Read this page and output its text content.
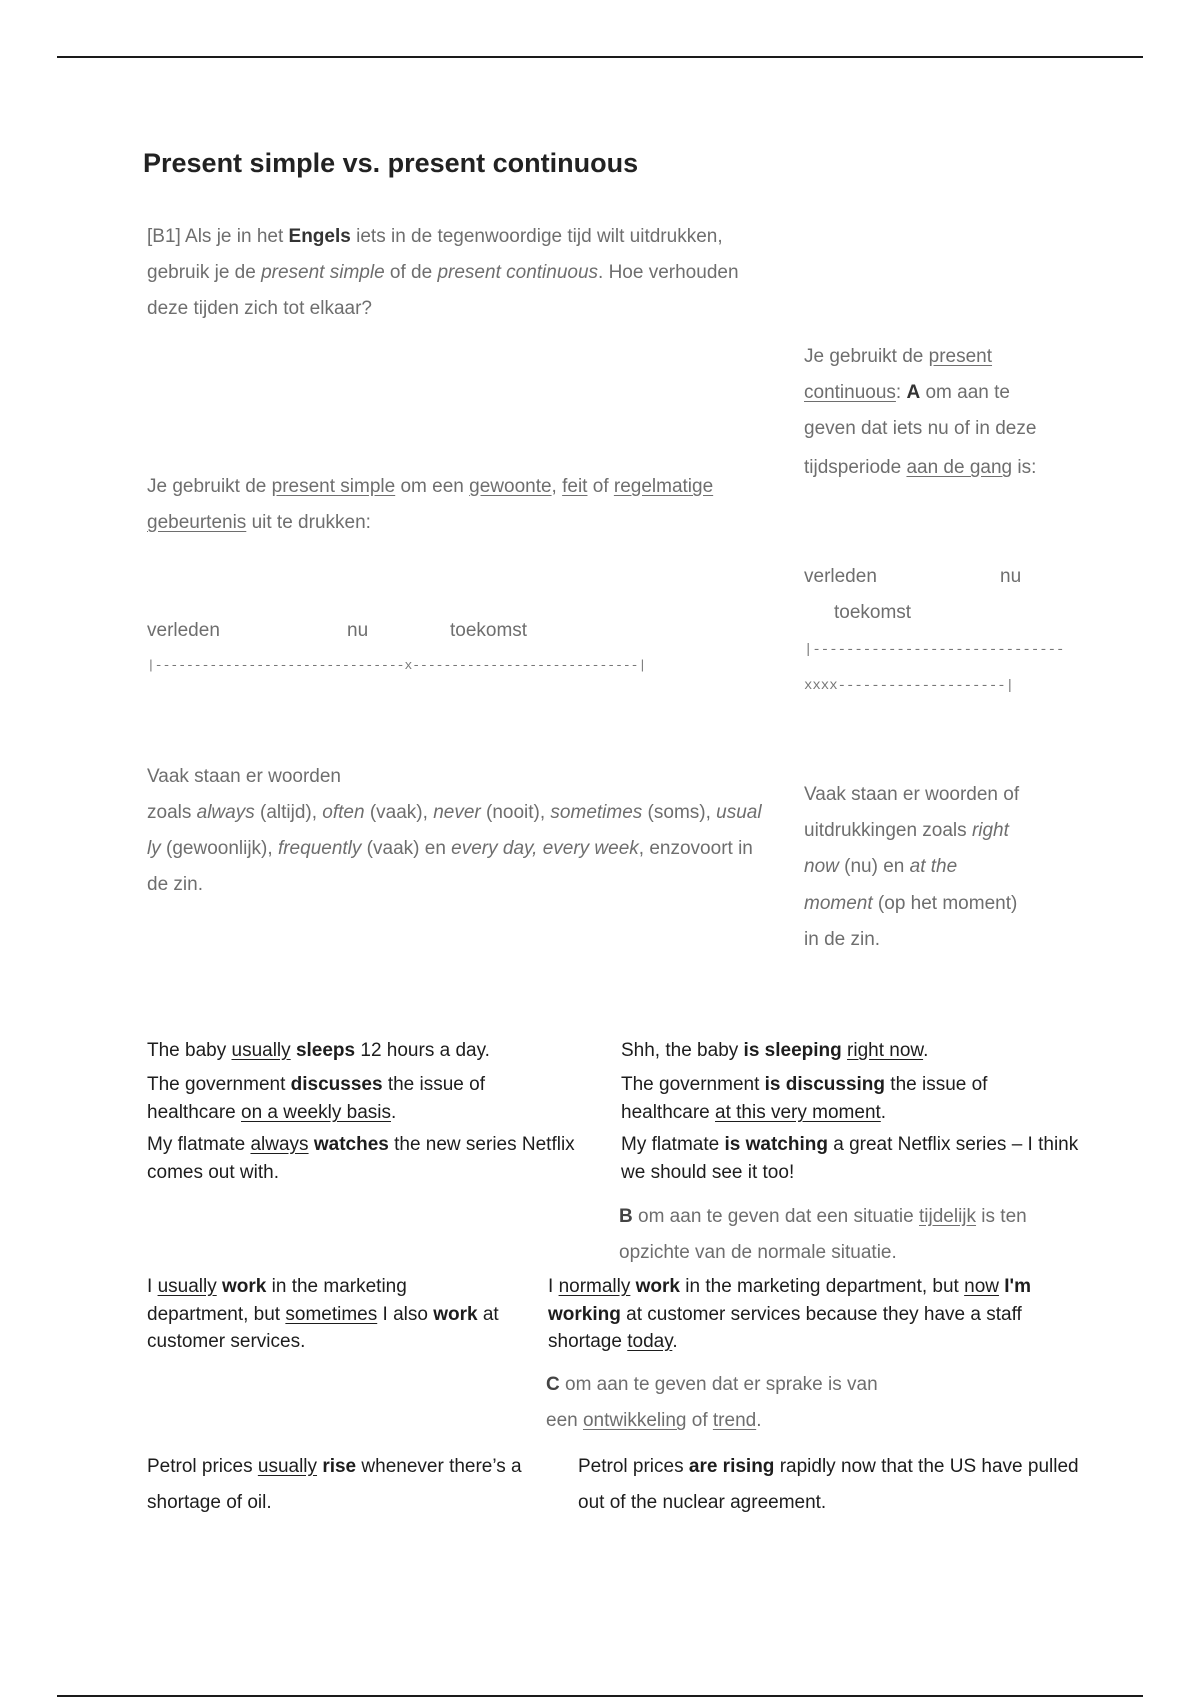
Present simple vs. present continuous
[B1] Als je in het Engels iets in de tegenwoordige tijd wilt uitdrukken,
gebruik je de present simple of de present continuous. Hoe verhouden
deze tijden zich tot elkaar?
Je gebruikt de present
continuous: A om aan te
geven dat iets nu of in deze
tijdsperiode aan de gang is:
Je gebruikt de present simple om een gewoonte, feit of regelmatige
gebeurtenis uit te drukken:
verleden	nu
toekomst
|------------------------------
xxxx--------------------|
verleden	nu	toekomst
|--------------------------------x-----------------------------|
Vaak staan er woorden
zoals always (altijd), often (vaak), never (nooit), sometimes (soms), usual
ly (gewoonlijk), frequently (vaak) en every day, every week, enzovoort in
de zin.
Vaak staan er woorden of
uitdrukkingen zoals right
now (nu) en at the
moment (op het moment)
in de zin.
The baby usually sleeps 12 hours a day.
The government discusses the issue of
healthcare on a weekly basis.
My flatmate always watches the new series Netflix
comes out with.
Shh, the baby is sleeping right now.
The government is discussing the issue of
healthcare at this very moment.
My flatmate is watching a great Netflix series – I think
we should see it too!
B om aan te geven dat een situatie tijdelijk is ten
opzichte van de normale situatie.
I usually work in the marketing
department, but sometimes I also work at
customer services.
I normally work in the marketing department, but now I'm
working at customer services because they have a staff
shortage today.
C om aan te geven dat er sprake is van
een ontwikkeling of trend.
Petrol prices usually rise whenever there’s a
shortage of oil.
Petrol prices are rising rapidly now that the US have pulled
out of the nuclear agreement.
